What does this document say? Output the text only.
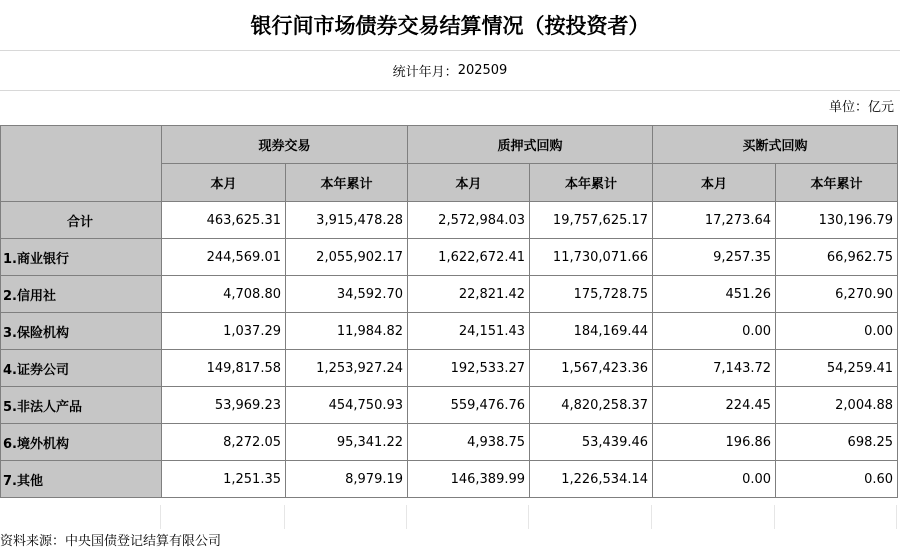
银行间市场债券交易结算情况（按投资者）
统计年月： 202509
单位：亿元
	现券交易		质押式回购		买断式回购	
	本月	本年累计	本月	本年累计	本月	本年累计
合计	463,625.31	3,915,478.28	2,572,984.03	19,757,625.17	17,273.64	130,196.79
1.商业银行	244,569.01	2,055,902.17	1,622,672.41	11,730,071.66	9,257.35	66,962.75
2.信用社	4,708.80	34,592.70	22,821.42	175,728.75	451.26	6,270.90
3.保险机构	1,037.29	11,984.82	24,151.43	184,169.44	0.00	0.00
4.证券公司	149,817.58	1,253,927.24	192,533.27	1,567,423.36	7,143.72	54,259.41
5.非法人产品	53,969.23	454,750.93	559,476.76	4,820,258.37	224.45	2,004.88
6.境外机构	8,272.05	95,341.22	4,938.75	53,439.46	196.86	698.25
7.其他	1,251.35	8,979.19	146,389.99	1,226,534.14	0.00	0.60
资料来源：中央国债登记结算有限公司
